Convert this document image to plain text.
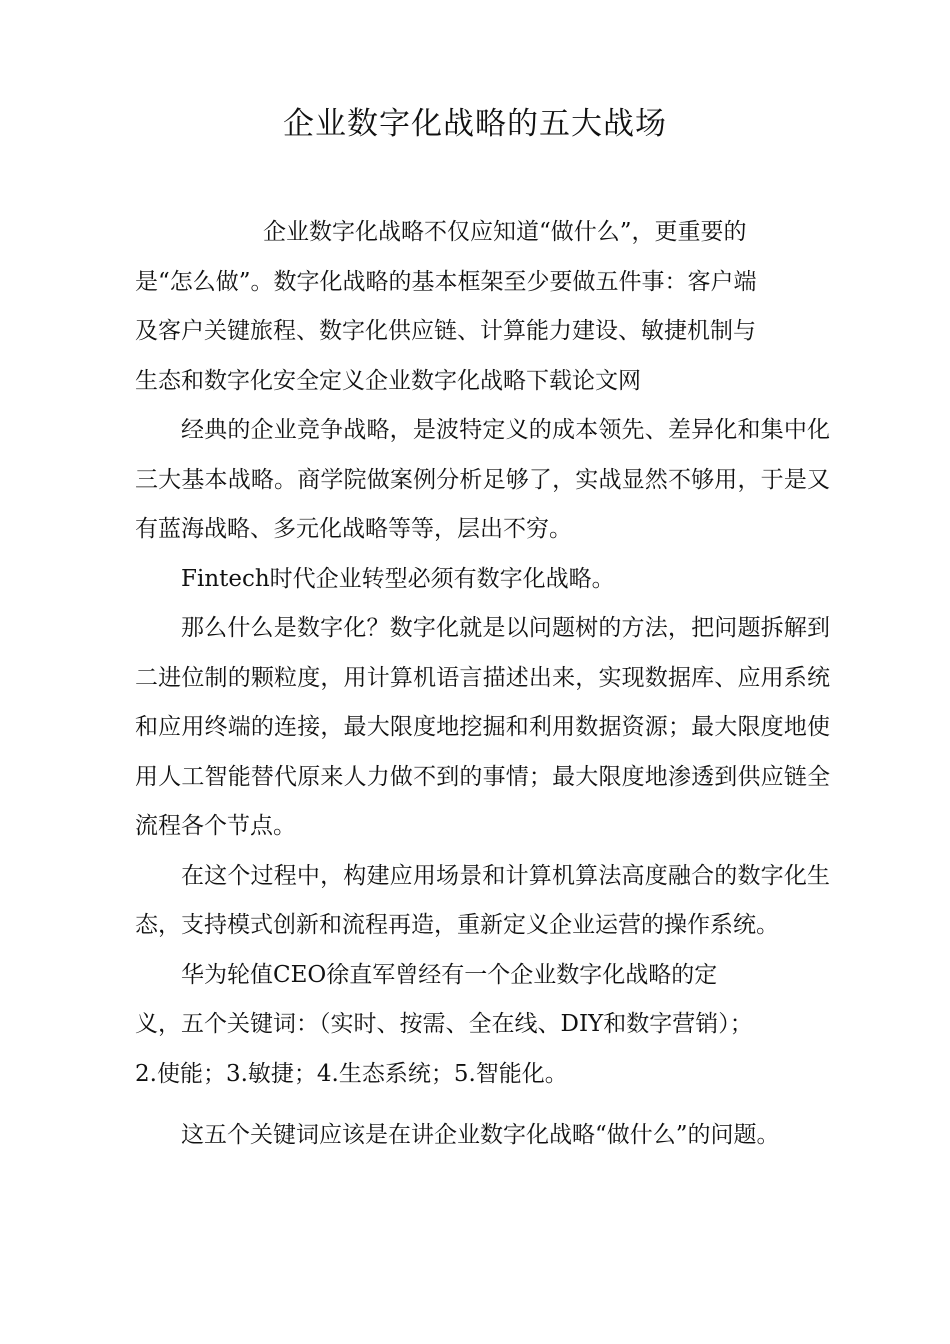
企业数字化战略的五大战场

企业数字化战略不仅应知道“做什么”，更重要的
是“怎么做”。数字化战略的基本框架至少要做五件事：客户端
及客户关键旅程、数字化供应链、计算能力建设、敏捷机制与
生态和数字化安全定义企业数字化战略下载论文网

经典的企业竞争战略，是波特定义的成本领先、差异化和集中化三大基本战略。商学院做案例分析足够了，实战显然不够用，于是又有蓝海战略、多元化战略等等，层出不穷。

Fintech时代企业转型必须有数字化战略。

那么什么是数字化？数字化就是以问题树的方法，把问题拆解到二进位制的颗粒度，用计算机语言描述出来，实现数据库、应用系统和应用终端的连接，最大限度地挖掘和利用数据资源；最大限度地使用人工智能替代原来人力做不到的事情；最大限度地渗透到供应链全流程各个节点。

在这个过程中，构建应用场景和计算机算法高度融合的数字化生态，支持模式创新和流程再造，重新定义企业运营的操作系统。

华为轮值CEO徐直军曾经有一个企业数字化战略的定
义，五个关键词：（实时、按需、全在线、DIY和数字营销）；
2.使能；3.敏捷；4.生态系统；5.智能化。

这五个关键词应该是在讲企业数字化战略“做什么”的问题。
